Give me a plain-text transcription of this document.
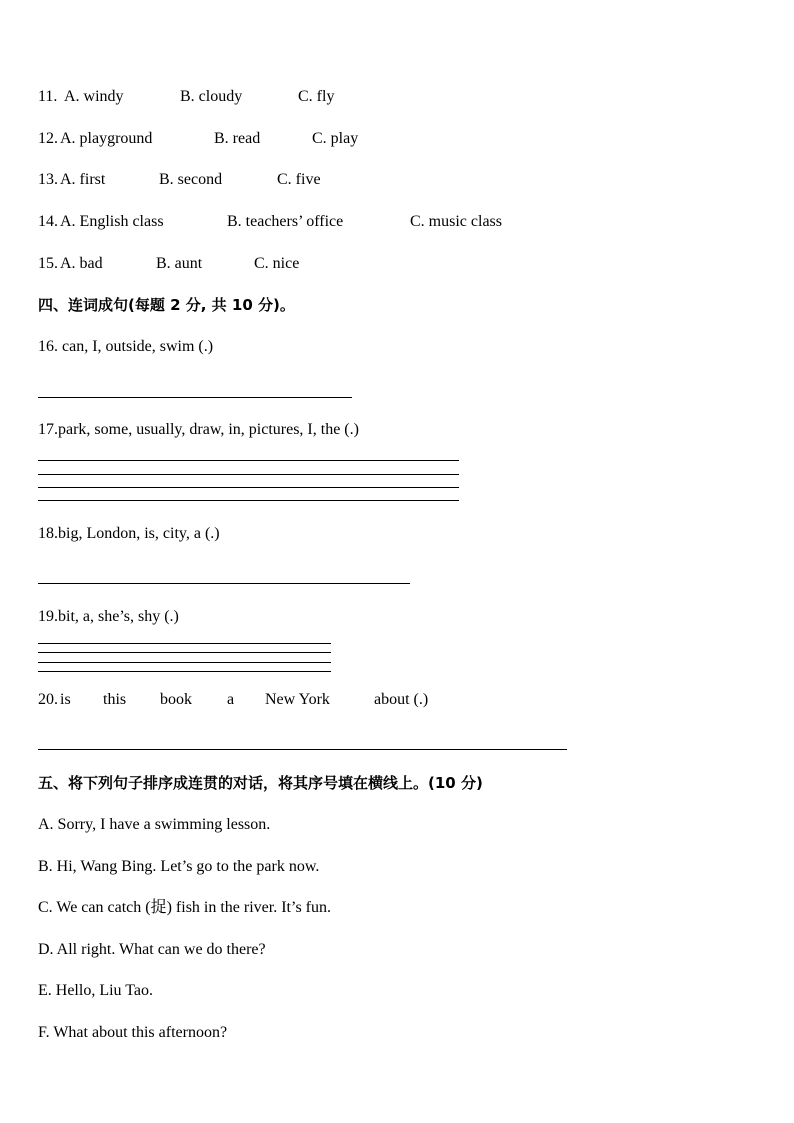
11. A. windy	B. cloudy	C. fly
12. A. playground	B. read	C. play
13. A. first	B. second	C. five
14. A. English class	B. teachers’ office	C. music class
15. A. bad	B. aunt	C. nice
四、连词成句(每题 2 分, 共 10 分)。
16. can, I, outside, swim (.)
17.park, some, usually, draw, in, pictures, I, the (.)
18.big, London, is, city, a (.)
19.bit, a, she’s, shy (.)
20. is this book a New York	about (.)
五、将下列句子排序成连贯的对话，将其序号填在横线上。(10 分)
A. Sorry, I have a swimming lesson.
B. Hi, Wang Bing. Let’s go to the park now.
C. We can catch (捉) fish in the river. It’s fun.
D. All right. What can we do there?
E. Hello, Liu Tao.
F. What about this afternoon?
